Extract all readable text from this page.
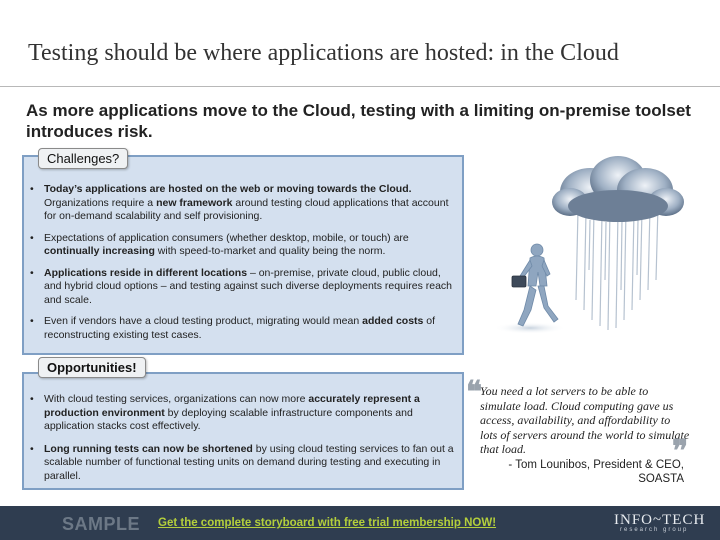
Testing should be where applications are hosted: in the Cloud
As more applications move to the Cloud, testing with a limiting on-premise toolset introduces risk.
Challenges?
• Today’s applications are hosted on the web or moving towards the Cloud. Organizations require a new framework around testing cloud applications that account for on-demand scalability and self provisioning.
• Expectations of application consumers (whether desktop, mobile, or touch) are continually increasing with speed-to-market and quality being the norm.
• Applications reside in different locations – on-premise, private cloud, public cloud, and hybrid cloud options – and testing against such diverse deployments requires reach and scale.
• Even if vendors have a cloud testing product, migrating would mean added costs of reconstructing existing test cases.
Opportunities!
• With cloud testing services, organizations can now more accurately represent a production environment by deploying scalable infrastructure components and application stacks cost effectively.
• Long running tests can now be shortened by using cloud testing services to fan out a scalable number of functional testing units on demand during testing and executing in parallel.
❝
You need a lot servers to be able to simulate load. Cloud computing gave us access, availability, and affordability to lots of servers around the world to simulate that load.	❞
- Tom Lounibos, President & CEO,
SOASTA
SAMPLE Get the complete storyboard with free trial membership NOW!	INFO~TECH
research group
